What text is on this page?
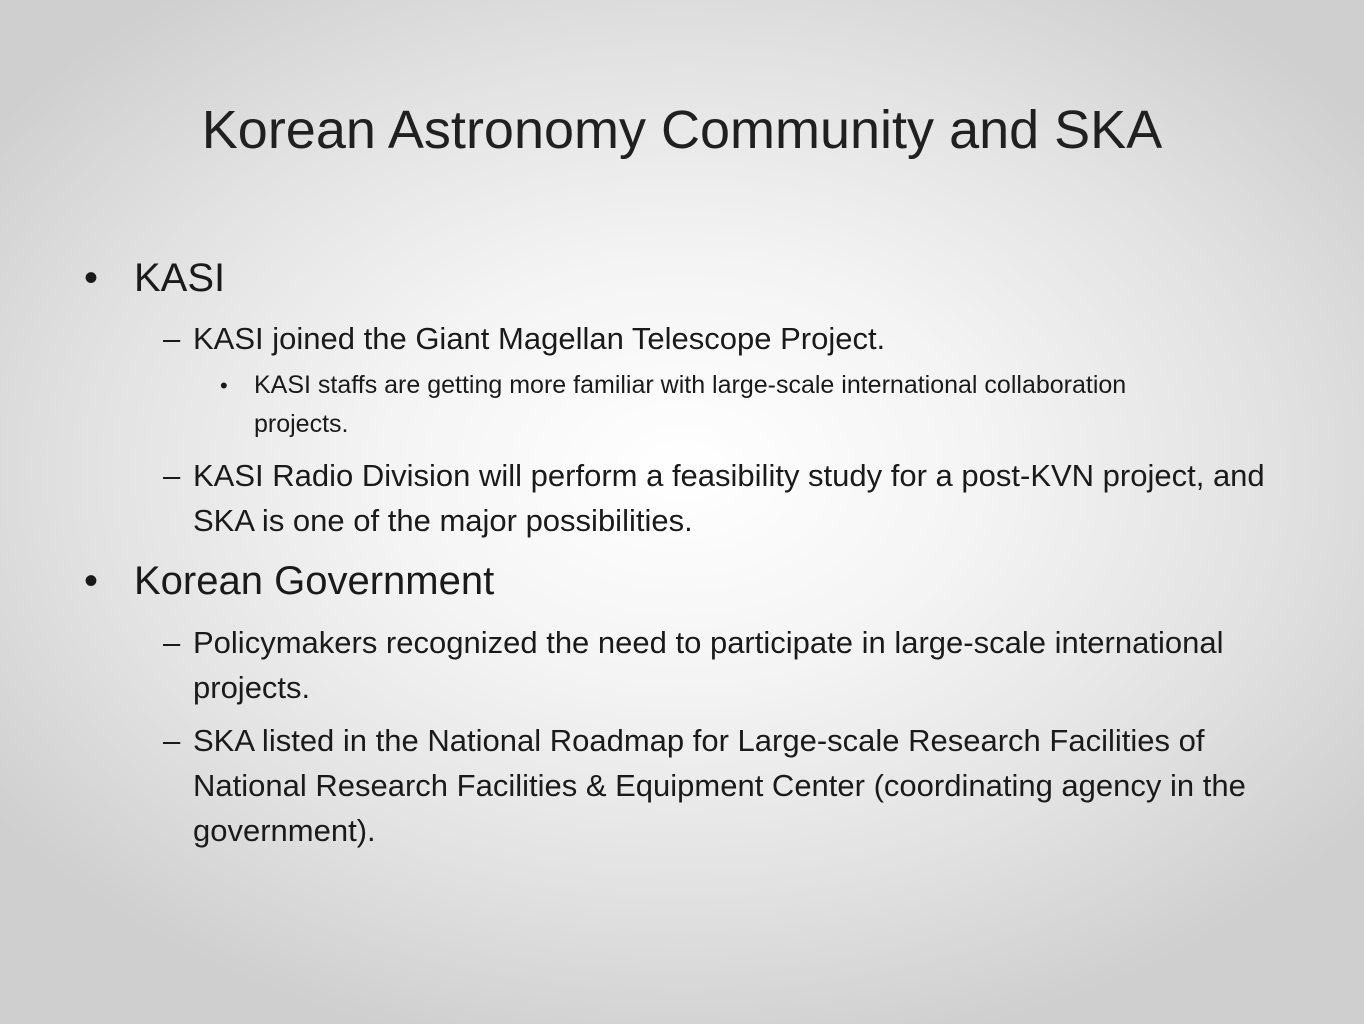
Korean Astronomy Community and SKA
• KASI
– KASI joined the Giant Magellan Telescope Project.
•	KASI staffs are getting more familiar with large-scale international collaboration projects.
– KASI Radio Division will perform a feasibility study for a post-KVN project, and SKA is one of the major possibilities.
• Korean Government
– Policymakers recognized the need to participate in large-scale international projects.
– SKA listed in the National Roadmap for Large-scale Research Facilities of National Research Facilities & Equipment Center (coordinating agency in the government).
